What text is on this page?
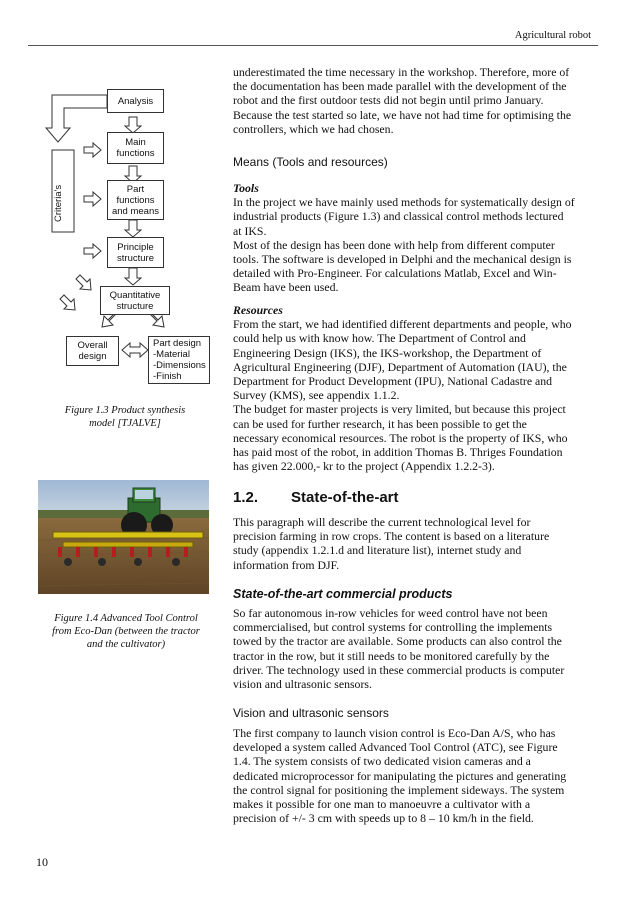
Agricultural robot
Criteria's
Analysis
Main
functions
Part
functions
and means
Principle
structure
Quantitative
structure
Overall
design
Part design
-Material
-Dimensions
-Finish
Figure 1.3 Product synthesis
model [TJALVE]
Figure 1.4 Advanced Tool Control
from Eco-Dan (between the tractor
and the cultivator)

underestimated the time necessary in the workshop. Therefore, more of the documentation has been made parallel with the development of the robot and the first outdoor tests did not begin until primo January. Because the test started so late, we have not had time for optimising the controllers, which we had chosen.

Means (Tools and resources)

Tools

In the project we have mainly used methods for systematically design of industrial products (Figure 1.3) and classical control methods lectured at IKS.

Most of the design has been done with help from different computer tools. The software is developed in Delphi and the mechanical design is detailed with Pro-Engineer. For calculations Matlab, Excel and Win-Beam have been used.

Resources

From the start, we had identified different departments and people, who could help us with know how. The Department of Control and Engineering Design (IKS), the IKS-workshop, the Department of Agricultural Engineering (DJF), Department of Automation (IAU), the Department for Product Development (IPU), National Cadastre and Survey (KMS), see appendix 1.1.2.

The budget for master projects is very limited, but because this project can be used for further research, it has been possible to get the necessary economical resources. The robot is the property of IKS, who has paid most of the robot, in addition Thomas B. Thriges Foundation has given 22.000,- kr to the project (Appendix 1.2.2-3).

1.2. State-of-the-art

This paragraph will describe the current technological level for precision farming in row crops. The content is based on a literature study (appendix 1.2.1.d and literature list), internet study and information from DJF.

State-of-the-art commercial products

So far autonomous in-row vehicles for weed control have not been commercialised, but control systems for controlling the implements towed by the tractor are available. Some products can also control the tractor in the row, but it still needs to be monitored carefully by the driver. The technology used in these commercial products is computer vision and ultrasonic sensors.

Vision and ultrasonic sensors

The first company to launch vision control is Eco-Dan A/S, who has developed a system called Advanced Tool Control (ATC), see Figure 1.4. The system consists of two dedicated vision cameras and a dedicated microprocessor for manipulating the pictures and generating the control signal for positioning the implement sideways. The system makes it possible for one man to manoeuvre a cultivator with a precision of +/- 3 cm with speeds up to 8 – 10 km/h in the field.

10
